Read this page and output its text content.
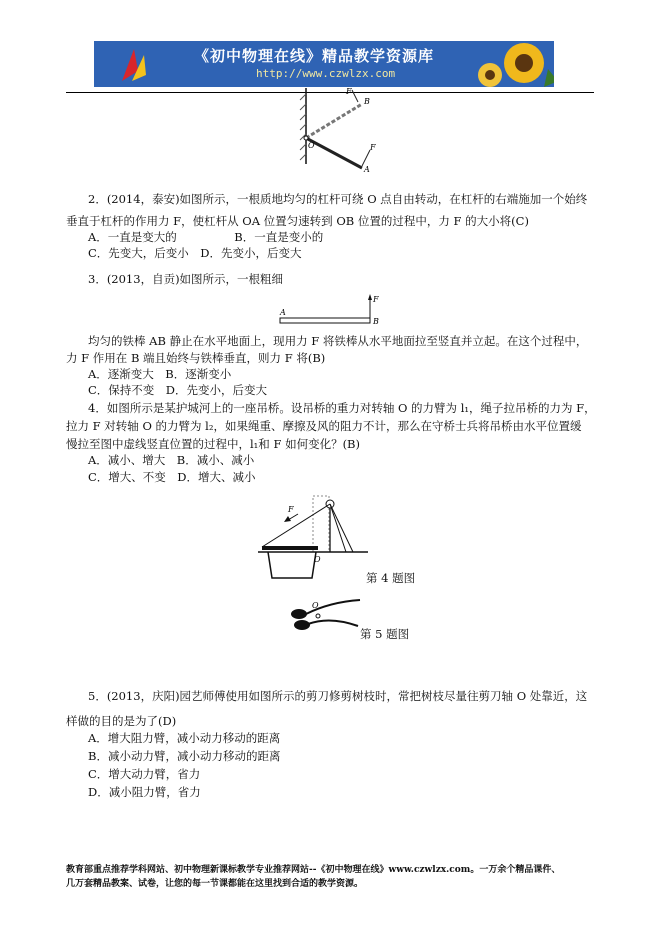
《初中物理在线》精品教学资源库
http://www.czwlzx.com
F
B
O	F
A
2．(2014，泰安)如图所示，一根质地均匀的杠杆可绕 O 点自由转动，在杠杆的右端施加一个始终
垂直于杠杆的作用力 F，使杠杆从 OA 位置匀速转到 OB 位置的过程中，力 F 的大小将(C)
A．一直是变大的　　　　　B．一直是变小的
C．先变大，后变小　D．先变小，后变大
3．(2013，自贡)如图所示，一根粗细
F
A
B
均匀的铁棒 AB 静止在水平地面上，现用力 F 将铁棒从水平地面拉至竖直并立起。在这个过程中，
力 F 作用在 B 端且始终与铁棒垂直，则力 F 将(B)
A．逐渐变大　B．逐渐变小
C．保持不变　D．先变小，后变大
4．如图所示是某护城河上的一座吊桥。设吊桥的重力对转轴 O 的力臂为 l₁，绳子拉吊桥的力为 F，
拉力 F 对转轴 O 的力臂为 l₂，如果绳重、摩擦及风的阻力不计，那么在守桥士兵将吊桥由水平位置缓
慢拉至图中虚线竖直位置的过程中，l₁和 F 如何变化？(B)
A．减小、增大　B．减小、减小
C．增大、不变　D．增大、减小
F
O
第 4 题图
O
第 5 题图
5．(2013，庆阳)园艺师傅使用如图所示的剪刀修剪树枝时，常把树枝尽量往剪刀轴 O 处靠近，这
样做的目的是为了(D)
A．增大阻力臂，减小动力移动的距离
B．减小动力臂，减小动力移动的距离
C．增大动力臂，省力
D．减小阻力臂，省力
教育部重点推荐学科网站、初中物理新课标教学专业推荐网站--《初中物理在线》www.czwlzx.com。一万余个精品课件、
几万套精品教案、试卷，让您的每一节课都能在这里找到合适的教学资源。
